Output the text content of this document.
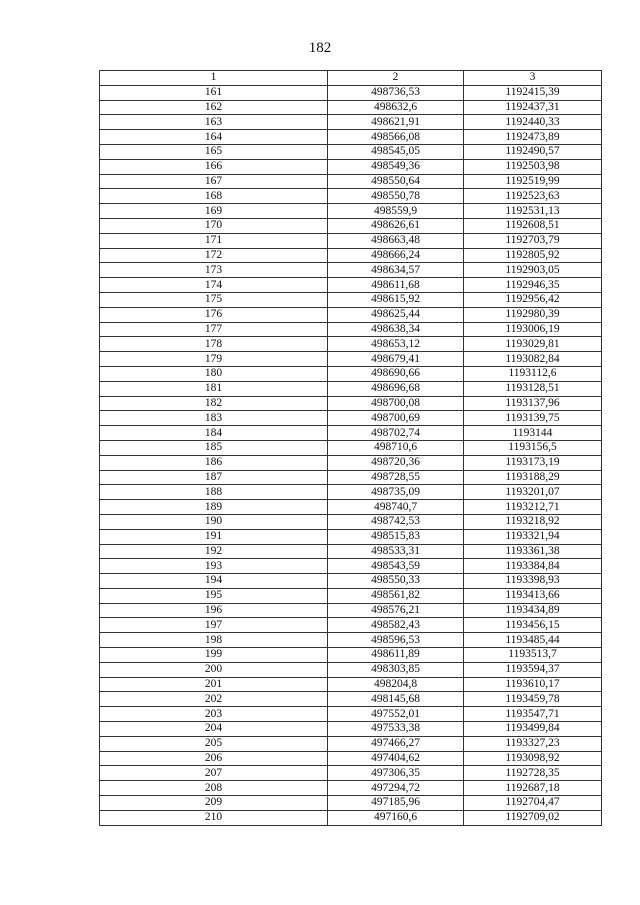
182
1	2	3
161	498736,53	1192415,39
162	498632,6	1192437,31
163	498621,91	1192440,33
164	498566,08	1192473,89
165	498545,05	1192490,57
166	498549,36	1192503,98
167	498550,64	1192519,99
168	498550,78	1192523,63
169	498559,9	1192531,13
170	498626,61	1192608,51
171	498663,48	1192703,79
172	498666,24	1192805,92
173	498634,57	1192903,05
174	498611,68	1192946,35
175	498615,92	1192956,42
176	498625,44	1192980,39
177	498638,34	1193006,19
178	498653,12	1193029,81
179	498679,41	1193082,84
180	498690,66	1193112,6
181	498696,68	1193128,51
182	498700,08	1193137,96
183	498700,69	1193139,75
184	498702,74	1193144
185	498710,6	1193156,5
186	498720,36	1193173,19
187	498728,55	1193188,29
188	498735,09	1193201,07
189	498740,7	1193212,71
190	498742,53	1193218,92
191	498515,83	1193321,94
192	498533,31	1193361,38
193	498543,59	1193384,84
194	498550,33	1193398,93
195	498561,82	1193413,66
196	498576,21	1193434,89
197	498582,43	1193456,15
198	498596,53	1193485,44
199	498611,89	1193513,7
200	498303,85	1193594,37
201	498204,8	1193610,17
202	498145,68	1193459,78
203	497552,01	1193547,71
204	497533,38	1193499,84
205	497466,27	1193327,23
206	497404,62	1193098,92
207	497306,35	1192728,35
208	497294,72	1192687,18
209	497185,96	1192704,47
210	497160,6	1192709,02
